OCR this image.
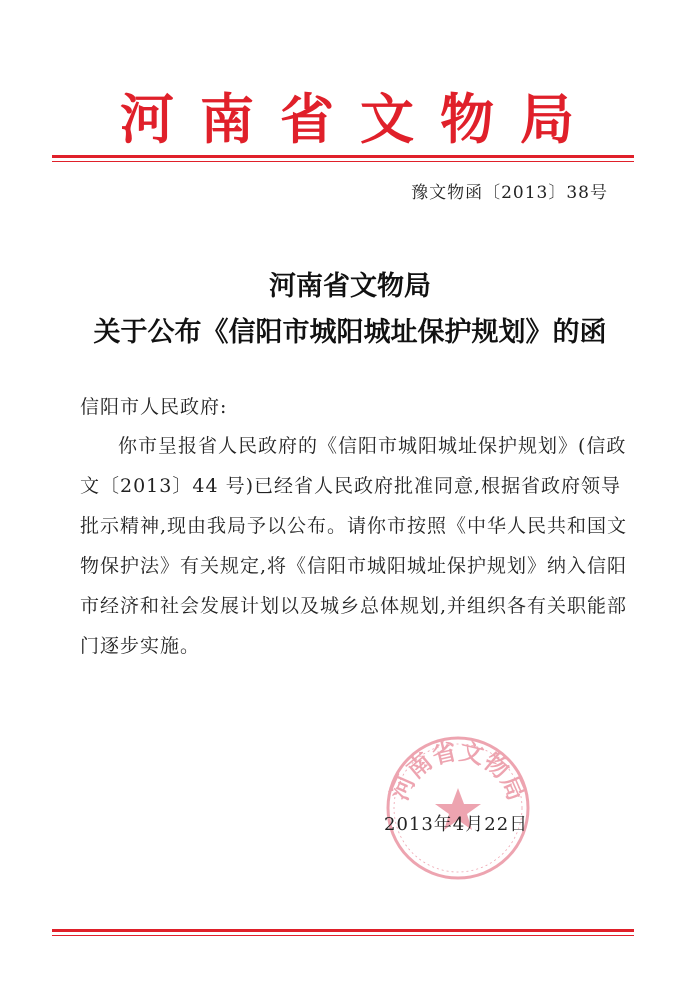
河南省文物局
豫文物函〔2013〕38号
河南省文物局
关于公布《信阳市城阳城址保护规划》的函
信阳市人民政府:
你市呈报省人民政府的《信阳市城阳城址保护规划》(信政
文〔2013〕44 号)已经省人民政府批准同意,根据省政府领导
批示精神,现由我局予以公布。请你市按照《中华人民共和国文
物保护法》有关规定,将《信阳市城阳城址保护规划》纳入信阳
市经济和社会发展计划以及城乡总体规划,并组织各有关职能部
门逐步实施。
河南省文物局
2013年4月22日
